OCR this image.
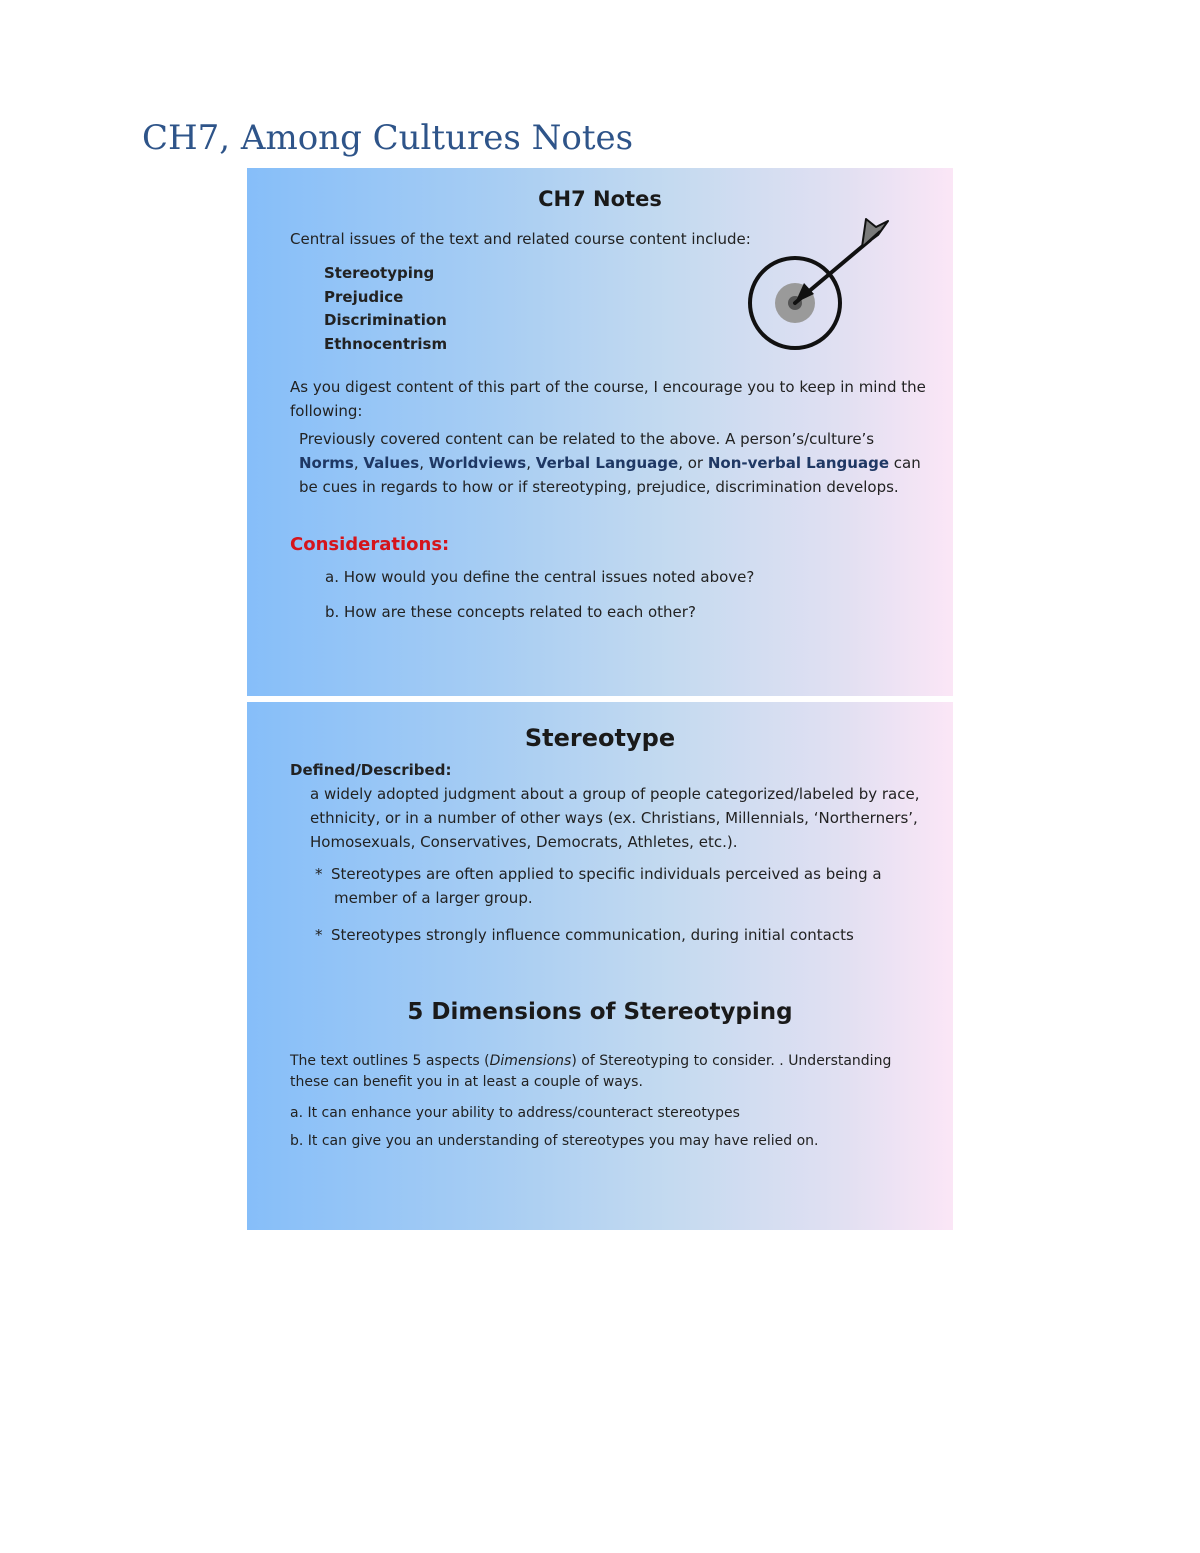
CH7, Among Cultures Notes

CH7 Notes

Central issues of the text and related course content include:

Stereotyping
Prejudice
Discrimination
Ethnocentrism

As you digest content of this part of the course, I encourage you to keep in mind the following:

Previously covered content can be related to the above. A person’s/culture’s Norms, Values, Worldviews, Verbal Language, or Non-verbal Language can be cues in regards to how or if stereotyping, prejudice, discrimination develops.

Considerations:

a. How would you define the central issues noted above?

b. How are these concepts related to each other?

Stereotype

Defined/Described:

a widely adopted judgment about a group of people categorized/labeled by race, ethnicity, or in a number of other ways (ex. Christians, Millennials, ‘Northerners’, Homosexuals, Conservatives, Democrats, Athletes, etc.).

* Stereotypes are often applied to specific individuals perceived as being a
member of a larger group.
* Stereotypes strongly influence communication, during initial contacts

5 Dimensions of Stereotyping

The text outlines 5 aspects (Dimensions) of Stereotyping to consider. . Understanding these can benefit you in at least a couple of ways.

a. It can enhance your ability to address/counteract stereotypes

b. It can give you an understanding of stereotypes you may have relied on.
